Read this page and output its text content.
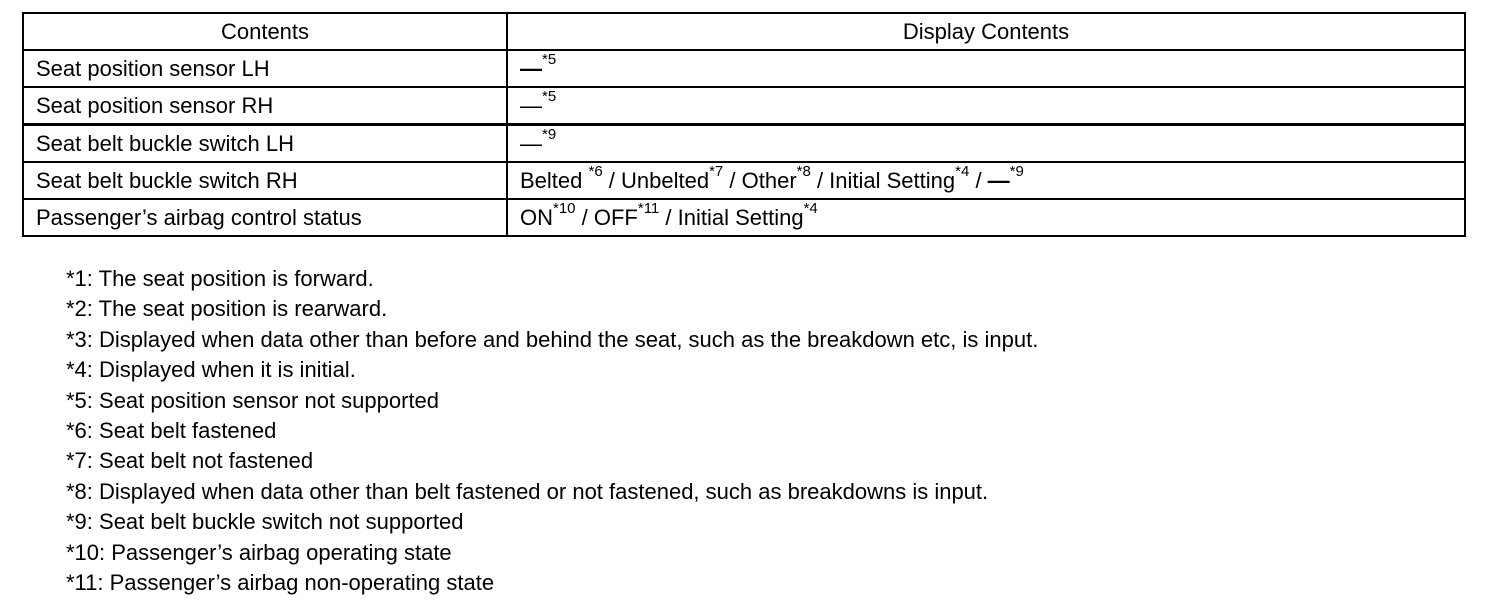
Contents	Display Contents
Seat position sensor LH	—$^{*5}$
Seat position sensor RH	—$^{*5}$
Seat belt buckle switch LH	—$^{*9}$
Seat belt buckle switch RH	Belted $^{*6}$ / Unbelted$^{*7}$ / Other$^{*8}$ / Initial Setting$^{*4}$ / —$^{*9}$
Passenger’s airbag control status	ON$^{*10}$ / OFF$^{*11}$ / Initial Setting$^{*4}$
*1: The seat position is forward.
*2: The seat position is rearward.
*3: Displayed when data other than before and behind the seat, such as the breakdown etc, is input.
*4: Displayed when it is initial.
*5: Seat position sensor not supported
*6: Seat belt fastened
*7: Seat belt not fastened
*8: Displayed when data other than belt fastened or not fastened, such as breakdowns is input.
*9: Seat belt buckle switch not supported
*10: Passenger’s airbag operating state
*11: Passenger’s airbag non-operating state
